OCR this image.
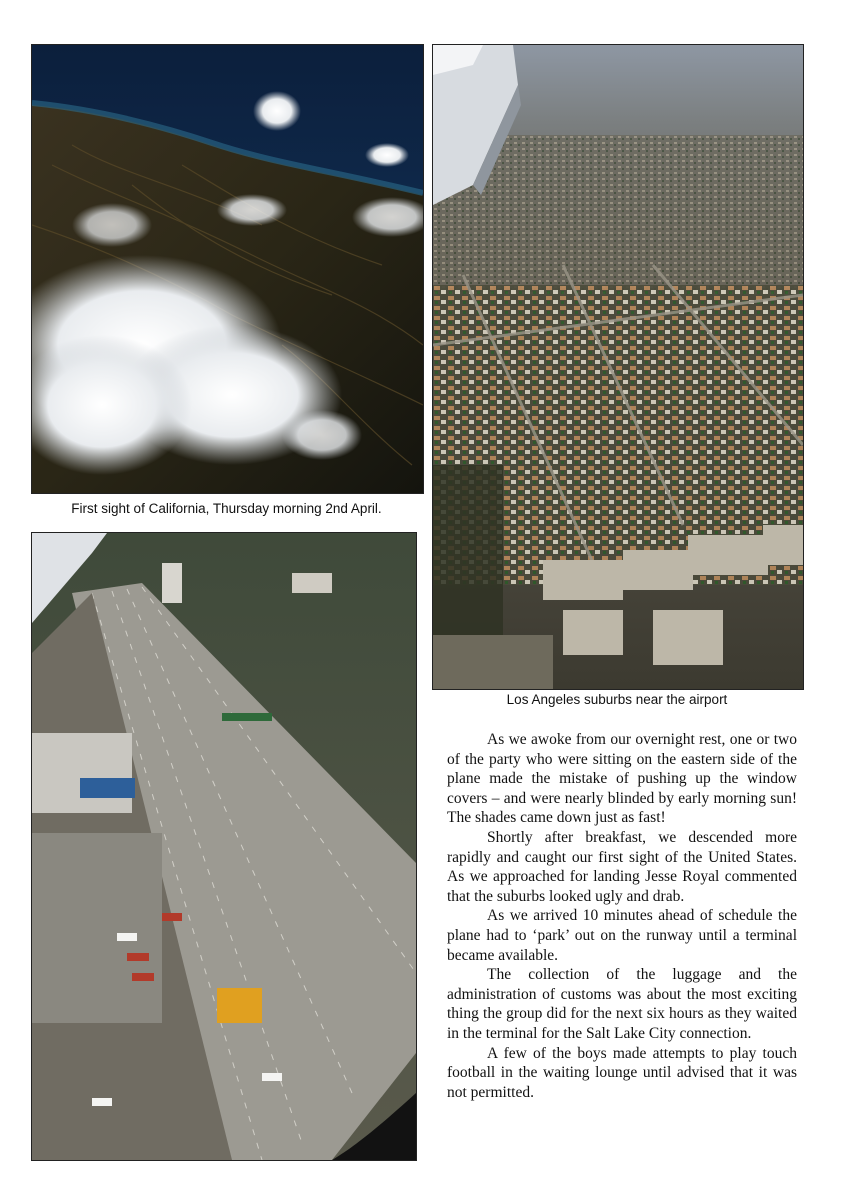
First sight of California, Thursday morning 2nd April.
Los Angeles suburbs near the airport

As we awoke from our overnight rest, one or two of the party who were sitting on the eastern side of the plane made the mistake of pushing up the window covers – and were nearly blinded by early morning sun! The shades came down just as fast!

Shortly after breakfast, we descended more rapidly and caught our first sight of the United States. As we approached for landing Jesse Royal commented that the suburbs looked ugly and drab.

As we arrived 10 minutes ahead of schedule the plane had to ‘park’ out on the runway until a terminal became available.

The collection of the luggage and the administration of customs was about the most exciting thing the group did for the next six hours as they waited in the terminal for the Salt Lake City connection.

A few of the boys made attempts to play touch football in the waiting lounge until advised that it was not permitted.
